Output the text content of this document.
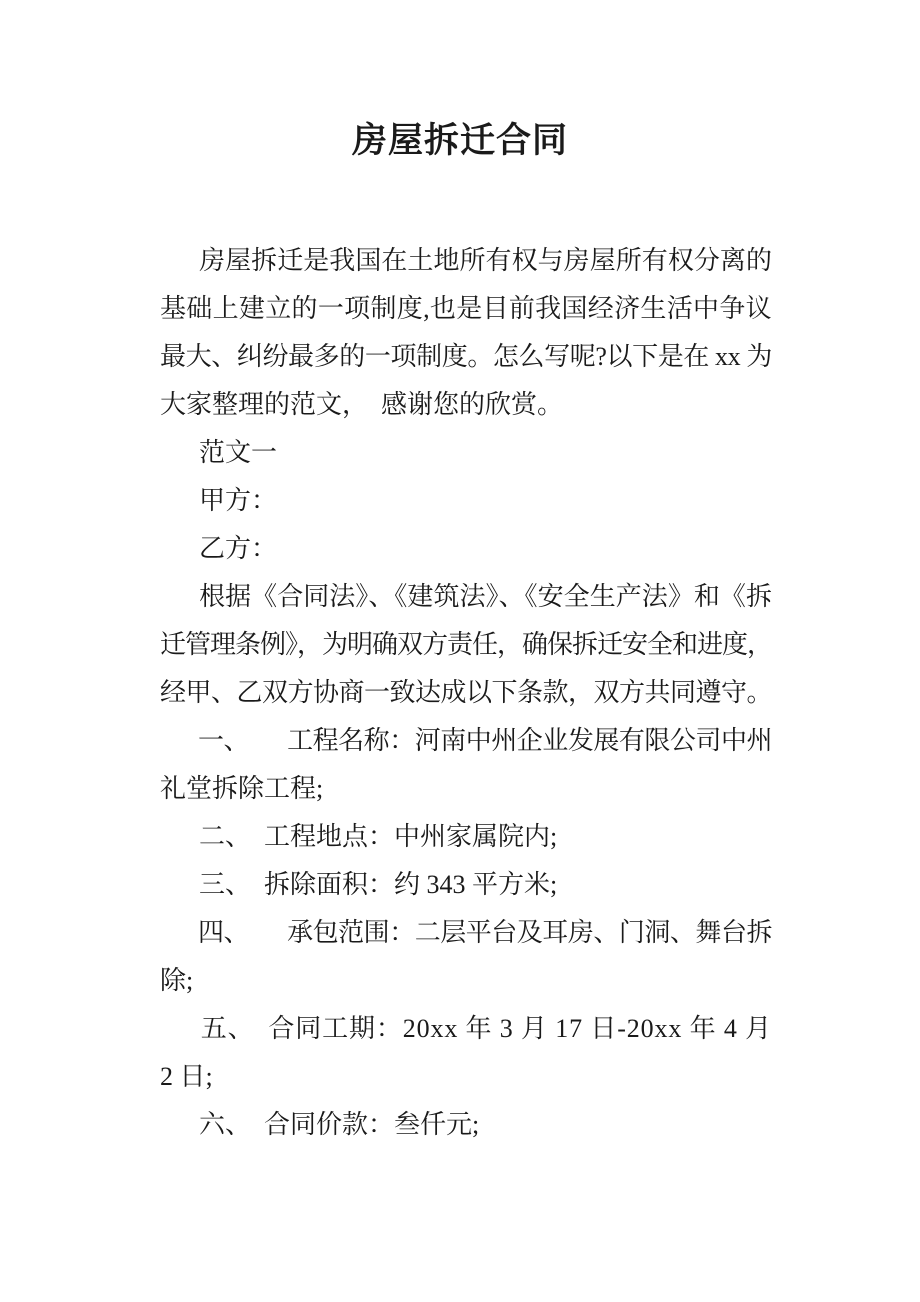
房屋拆迁合同
　 房屋拆迁是我国在土地所有权与房屋所有权分离的
基础上建立的一项制度,也是目前我国经济生活中争议
最大、纠纷最多的一项制度。怎么写呢?以下是在 xx 为
大家整理的范文， 感谢您的欣赏。
　 范文一
　 甲方：
　 乙方：
　 根据《合同法》、《建筑法》、《安全生产法》和《拆
迁管理条例》，为明确双方责任，确保拆迁安全和进度，
经甲、乙双方协商一致达成以下条款，双方共同遵守。
　 一、　　工程名称：河南中州企业发展有限公司中州
礼堂拆除工程;
　 二、　工程地点：中州家属院内;
　 三、　拆除面积：约 343 平方米;
　 四、　　承包范围：二层平台及耳房、门洞、舞台拆
除;
　 五、　合同工期：20xx 年 3 月 17 日-20xx 年 4 月
2 日;
　 六、　合同价款：叁仟元;
